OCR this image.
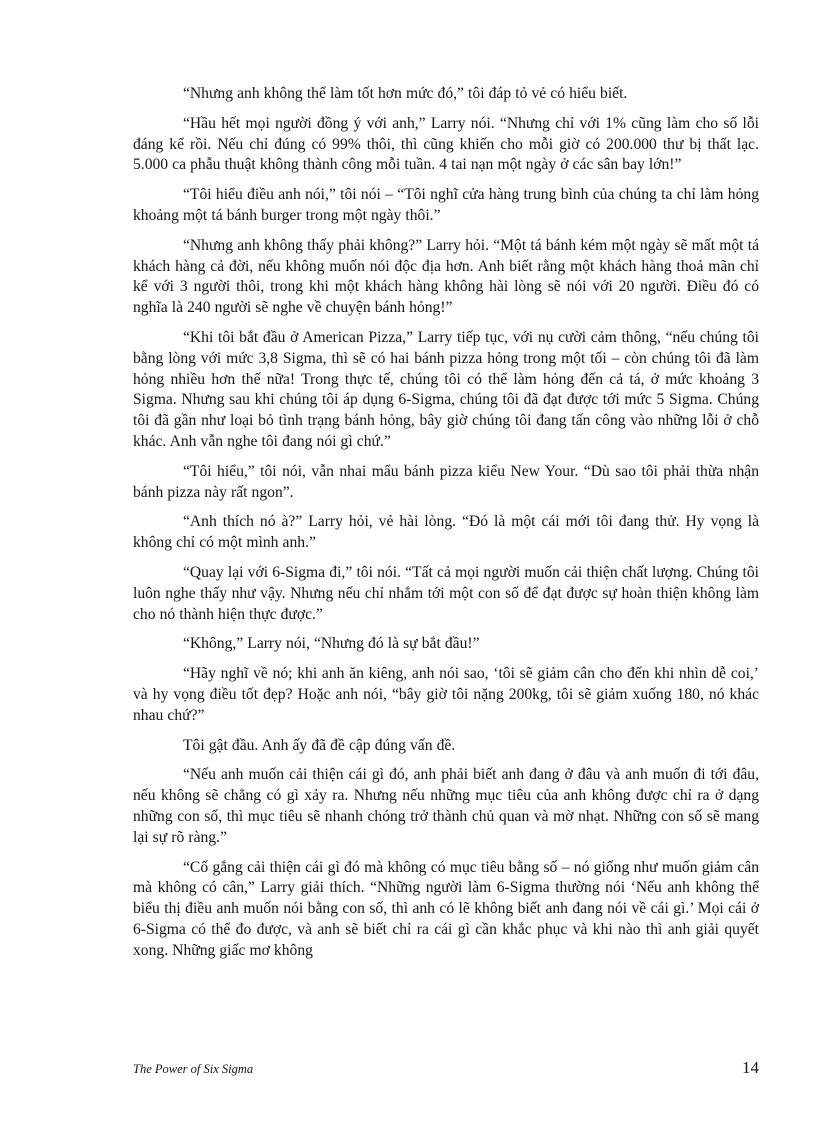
“Nhưng anh không thể làm tốt hơn mức đó,” tôi đáp tỏ vẻ có hiểu biết.

“Hầu hết mọi người đồng ý với anh,” Larry nói. “Nhưng chỉ với 1% cũng làm cho số lỗi đáng kể rồi. Nếu chỉ đúng có 99% thôi, thì cũng khiến cho mỗi giờ có 200.000 thư bị thất lạc. 5.000 ca phẫu thuật không thành công mỗi tuần. 4 tai nạn một ngày ở các sân bay lớn!”

“Tôi hiểu điều anh nói,” tôi nói – “Tôi nghĩ cửa hàng trung bình của chúng ta chỉ làm hỏng khoảng một tá bánh burger trong một ngày thôi.”

“Nhưng anh không thấy phải không?” Larry hỏi. “Một tá bánh kém một ngày sẽ mất một tá khách hàng cả đời, nếu không muốn nói độc địa hơn. Anh biết rằng một khách hàng thoả mãn chỉ kể với 3 người thôi, trong khi một khách hàng không hài lòng sẽ nói với 20 người. Điều đó có nghĩa là 240 người sẽ nghe về chuyện bánh hỏng!”

“Khi tôi bắt đầu ở American Pizza,” Larry tiếp tục, với nụ cười cảm thông, “nếu chúng tôi bằng lòng với mức 3,8 Sigma, thì sẽ có hai bánh pizza hỏng trong một tối – còn chúng tôi đã làm hỏng nhiều hơn thế nữa! Trong thực tế, chúng tôi có thể làm hỏng đến cả tá, ở mức khoảng 3 Sigma. Nhưng sau khi chúng tôi áp dụng 6-Sigma, chúng tôi đã đạt được tới mức 5 Sigma. Chúng tôi đã gần như loại bỏ tình trạng bánh hỏng, bây giờ chúng tôi đang tấn công vào những lỗi ở chỗ khác. Anh vẫn nghe tôi đang nói gì chứ.”

“Tôi hiểu,” tôi nói, vẫn nhai mẩu bánh pizza kiểu New Your. “Dù sao tôi phải thừa nhận bánh pizza này rất ngon”.

“Anh thích nó à?” Larry hỏi, vẻ hài lòng. “Đó là một cái mới tôi đang thử. Hy vọng là không chỉ có một mình anh.”

“Quay lại với 6-Sigma đi,” tôi nói. “Tất cả mọi người muốn cải thiện chất lượng. Chúng tôi luôn nghe thấy như vậy. Nhưng nếu chỉ nhắm tới một con số để đạt được sự hoàn thiện không làm cho nó thành hiện thực được.”

“Không,” Larry nói, “Nhưng đó là sự bắt đầu!”

“Hãy nghĩ về nó; khi anh ăn kiêng, anh nói sao, ‘tôi sẽ giảm cân cho đến khi nhìn dễ coi,’ và hy vọng điều tốt đẹp? Hoặc anh nói, “bây giờ tôi nặng 200kg, tôi sẽ giảm xuống 180, nó khác nhau chứ?”

Tôi gật đầu. Anh ấy đã đề cập đúng vấn đề.

“Nếu anh muốn cải thiện cái gì đó, anh phải biết anh đang ở đâu và anh muốn đi tới đâu, nếu không sẽ chẳng có gì xảy ra. Nhưng nếu những mục tiêu của anh không được chỉ ra ở dạng những con số, thì mục tiêu sẽ nhanh chóng trở thành chủ quan và mờ nhạt. Những con số sẽ mang lại sự rõ ràng.”

“Cố gắng cải thiện cái gì đó mà không có mục tiêu bằng số – nó giống như muốn giảm cân mà không có cân,” Larry giải thích. “Những người làm 6-Sigma thường nói ‘Nếu anh không thể biểu thị điều anh muốn nói bằng con số, thì anh có lẽ không biết anh đang nói về cái gì.’ Mọi cái ở 6-Sigma có thể đo được, và anh sẽ biết chỉ ra cái gì cần khắc phục và khi nào thì anh giải quyết xong. Những giấc mơ không

The Power of Six Sigma	14
